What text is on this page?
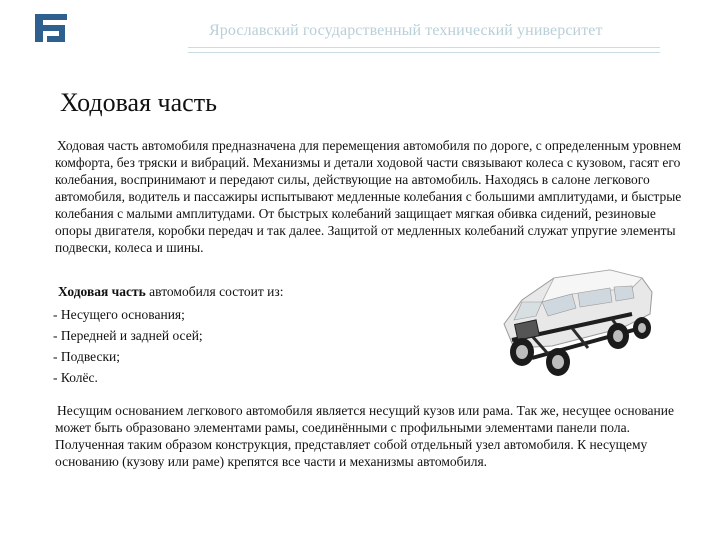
Ярославский государственный технический университет
Ходовая часть

Ходовая часть автомобиля предназначена для перемещения автомобиля по дороге, с определенным уровнем комфорта, без тряски и вибраций. Механизмы и детали ходовой части связывают колеса с кузовом, гасят его колебания, воспринимают и передают силы, действующие на автомобиль. Находясь в салоне легкового автомобиля, водитель и пассажиры испытывают медленные колебания с большими амплитудами, и быстрые колебания с малыми амплитудами. От быстрых колебаний защищает мягкая обивка сидений, резиновые опоры двигателя, коробки передач и так далее. Защитой от медленных колебаний служат упругие элементы подвески, колеса и шины.

Ходовая часть автомобиля состоит из:

- Несущего основания;

- Передней и задней осей;

- Подвески;

- Колёс.

Несущим основанием легкового автомобиля является несущий кузов или рама. Так же, несущее основание может быть образовано элементами рамы, соединёнными с профильными элементами панели пола. Полученная таким образом конструкция, представляет собой отдельный узел автомобиля. К несущему основанию (кузову или раме) крепятся все части и механизмы автомобиля.
